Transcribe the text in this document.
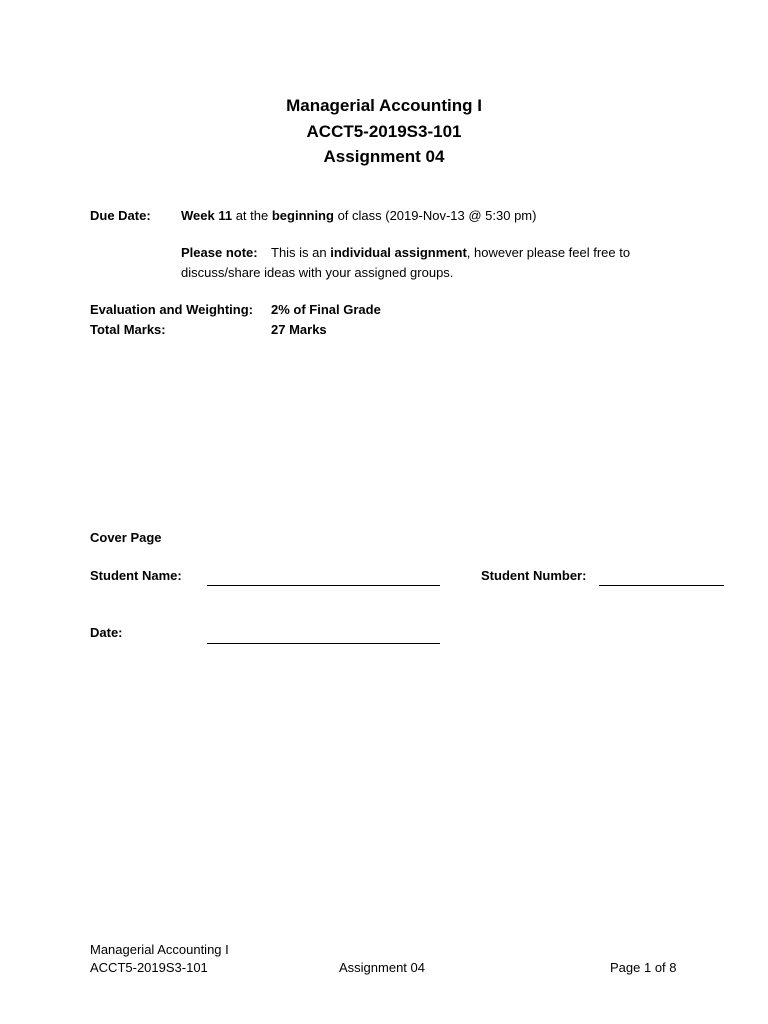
Managerial Accounting I
ACCT5-2019S3-101
Assignment 04
Due Date: Week 11 at the beginning of class (2019-Nov-13 @ 5:30 pm)
Please note: This is an individual assignment, however please feel free to
discuss/share ideas with your assigned groups.
Evaluation and Weighting: 2% of Final Grade
Total Marks:	27 Marks
Cover Page
Student Name:	Student Number:
Date:
Managerial Accounting I
ACCT5-2019S3-101	Assignment 04	Page 1 of 8
